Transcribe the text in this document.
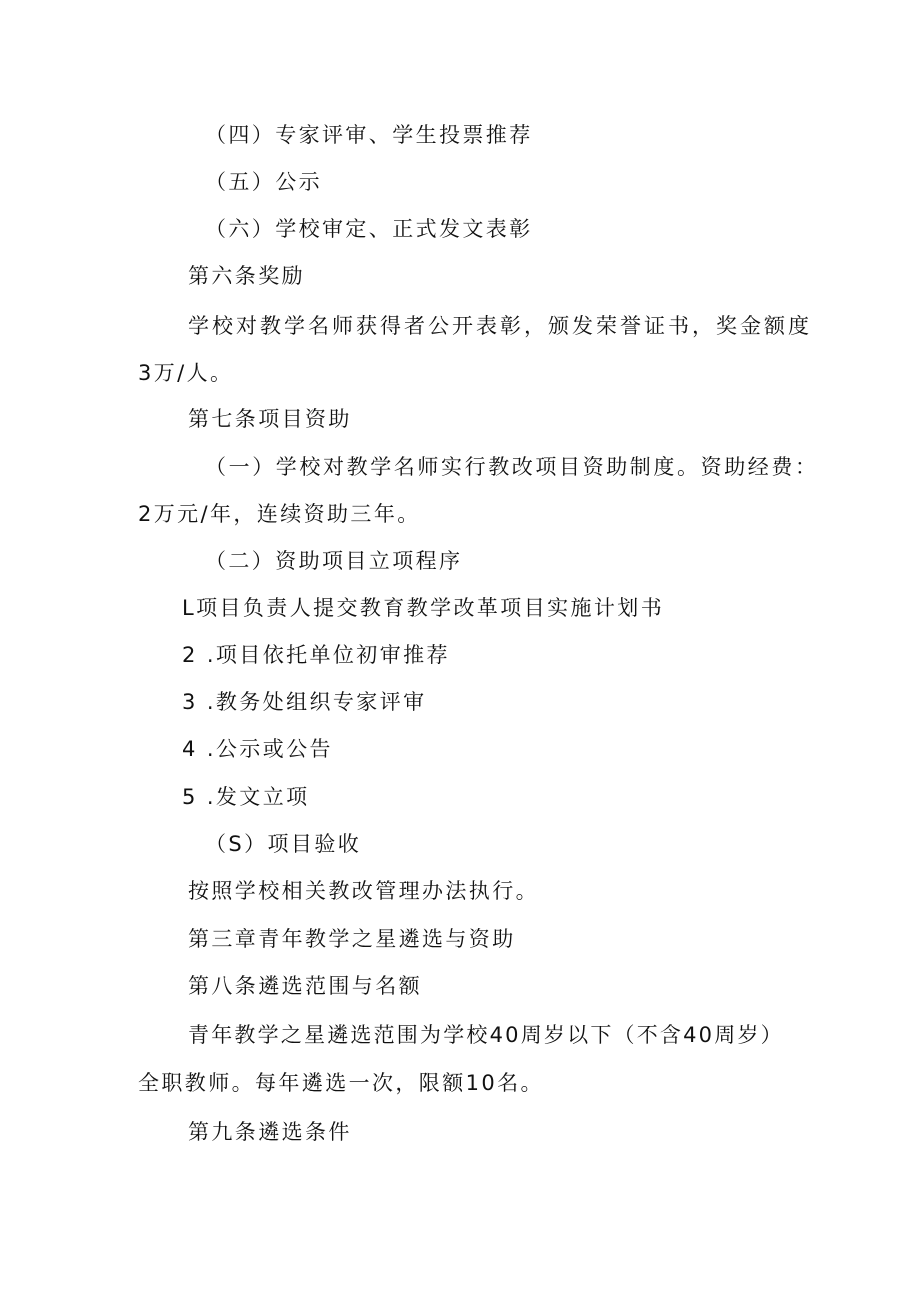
（四）专家评审、学生投票推荐
（五）公示
（六）学校审定、正式发文表彰
第六条奖励
学校对教学名师获得者公开表彰，颁发荣誉证书，奖金额度
3万/人。
第七条项目资助
（一）学校对教学名师实行教改项目资助制度。资助经费：
2万元/年，连续资助三年。
（二）资助项目立项程序
L项目负责人提交教育教学改革项目实施计划书
2 .项目依托单位初审推荐
3 .教务处组织专家评审
4 .公示或公告
5 .发文立项
（S）项目验收
按照学校相关教改管理办法执行。
第三章青年教学之星遴选与资助
第八条遴选范围与名额
青年教学之星遴选范围为学校40周岁以下（不含40周岁）
全职教师。每年遴选一次，限额10名。
第九条遴选条件
